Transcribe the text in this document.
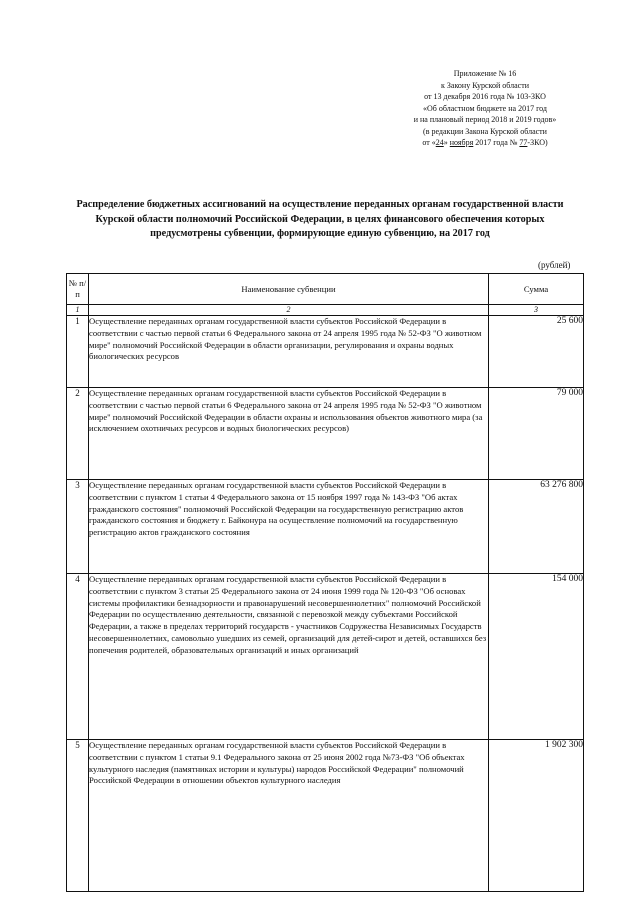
Приложение № 16
к Закону Курской области
от 13 декабря 2016 года № 103-ЗКО
«Об областном бюджете на 2017 год
и на плановый период 2018 и 2019 годов»
(в редакции Закона Курской области
от «24» ноября 2017 года № 77-ЗКО)
Распределение бюджетных ассигнований на осуществление переданных органам государственной власти Курской области полномочий Российской Федерации, в целях финансового обеспечения которых предусмотрены субвенции, формирующие единую субвенцию, на 2017 год
(рублей)
№ п/п	Наименование субвенции	Сумма
1	2	3
1	Осуществление переданных органам государственной власти субъектов Российской Федерации в соответствии с частью первой статьи 6 Федерального закона от 24 апреля 1995 года № 52-ФЗ "О животном мире" полномочий Российской Федерации в области организации, регулирования и охраны водных биологических ресурсов	25 600
2	Осуществление переданных органам государственной власти субъектов Российской Федерации в соответствии с частью первой статьи 6 Федерального закона от 24 апреля 1995 года № 52-ФЗ "О животном мире" полномочий Российской Федерации в области охраны и использования объектов животного мира (за исключением охотничьих ресурсов и водных биологических ресурсов)	79 000
3	Осуществление переданных органам государственной власти субъектов Российской Федерации в соответствии с пунктом 1 статьи 4 Федерального закона от 15 ноября 1997 года № 143-ФЗ "Об актах гражданского состояния" полномочий Российской Федерации на государственную регистрацию актов гражданского состояния и бюджету г. Байконура на осуществление полномочий на государственную регистрацию актов гражданского состояния	63 276 800
4	Осуществление переданных органам государственной власти субъектов Российской Федерации в соответствии с пунктом 3 статьи 25 Федерального закона от 24 июня 1999 года № 120-ФЗ "Об основах системы профилактики безнадзорности и правонарушений несовершеннолетних" полномочий Российской Федерации по осуществлению деятельности, связанной с перевозкой между субъектами Российской Федерации, а также в пределах территорий государств - участников Содружества Независимых Государств несовершеннолетних, самовольно ушедших из семей, организаций для детей-сирот и детей, оставшихся без попечения родителей, образовательных организаций и иных организаций	154 000
5	Осуществление переданных органам государственной власти субъектов Российской Федерации в соответствии с пунктом 1 статьи 9.1 Федерального закона от 25 июня 2002 года №73-ФЗ "Об объектах культурного наследия (памятниках истории и культуры) народов Российской Федерации" полномочий Российской Федерации в отношении объектов культурного наследия	1 902 300
